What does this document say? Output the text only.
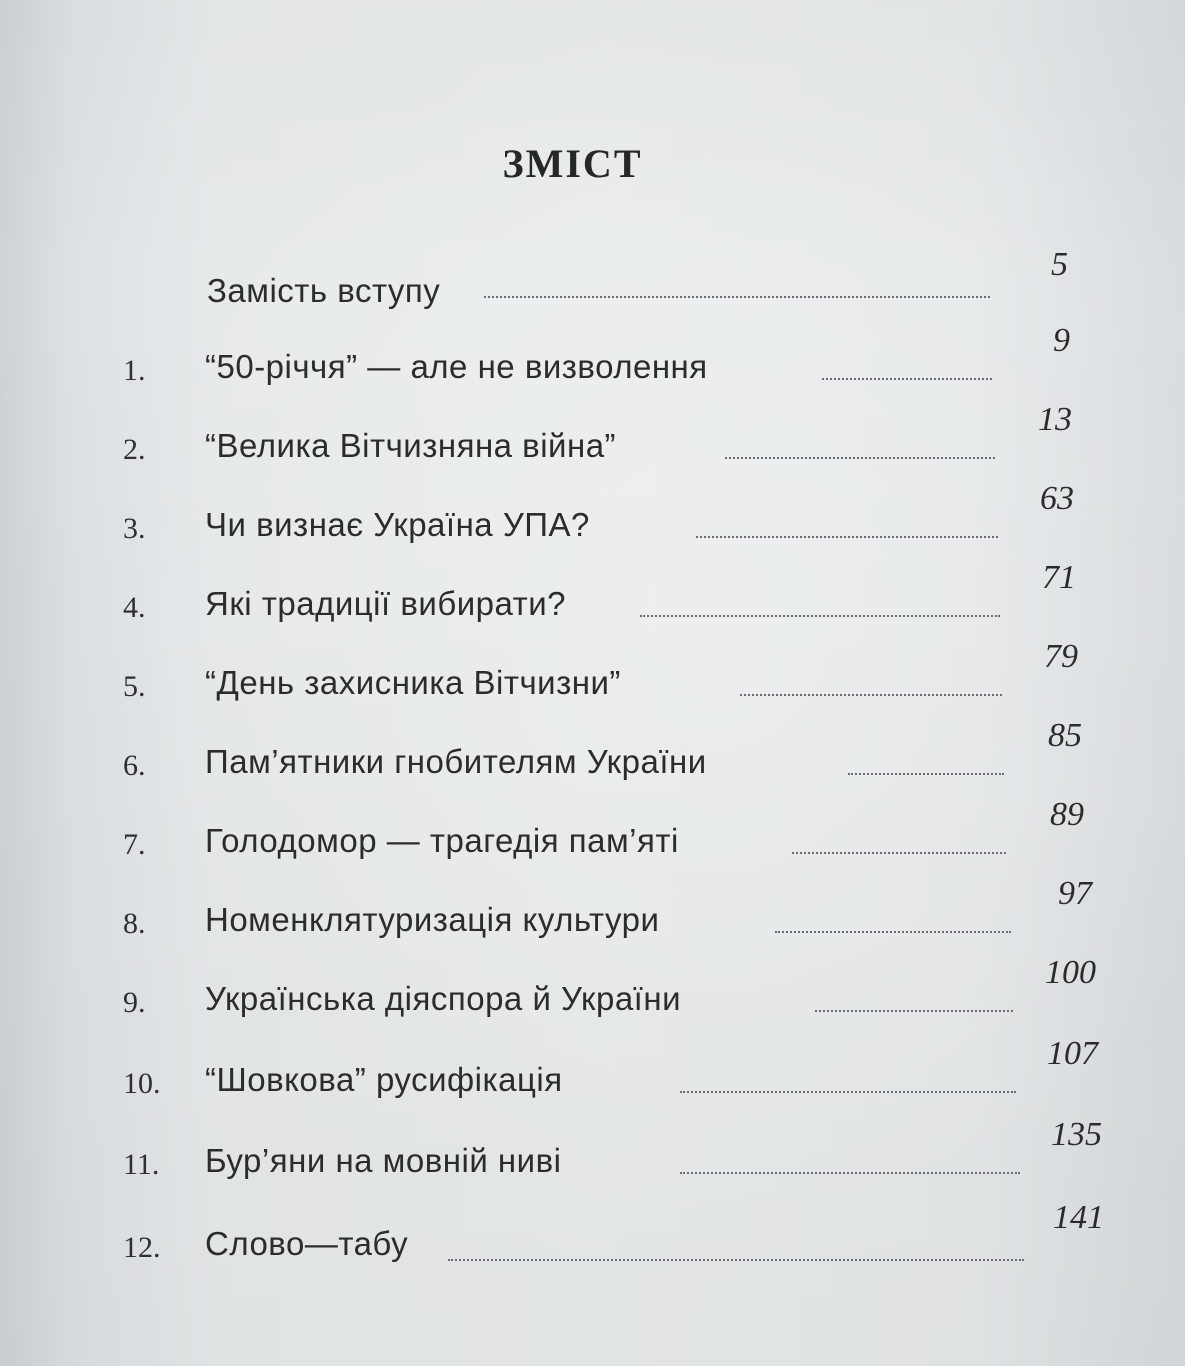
ЗМІСТ
Замість вступу
5
1. “50-річчя” — але не визволення
9
2. “Велика Вітчизняна війна”
13
3. Чи визнає Україна УПА?
63
4. Які традиції вибирати?
71
5. “День захисника Вітчизни”
79
6. Пам’ятники гнобителям України
85
7. Голодомор — трагедія пам’яті
89
8. Номенклятуризація культури
97
9. Українська діяспора й України
100
10. “Шовкова” русифікація
107
11. Бур’яни на мовній ниві
135
12. Слово—табу
141
